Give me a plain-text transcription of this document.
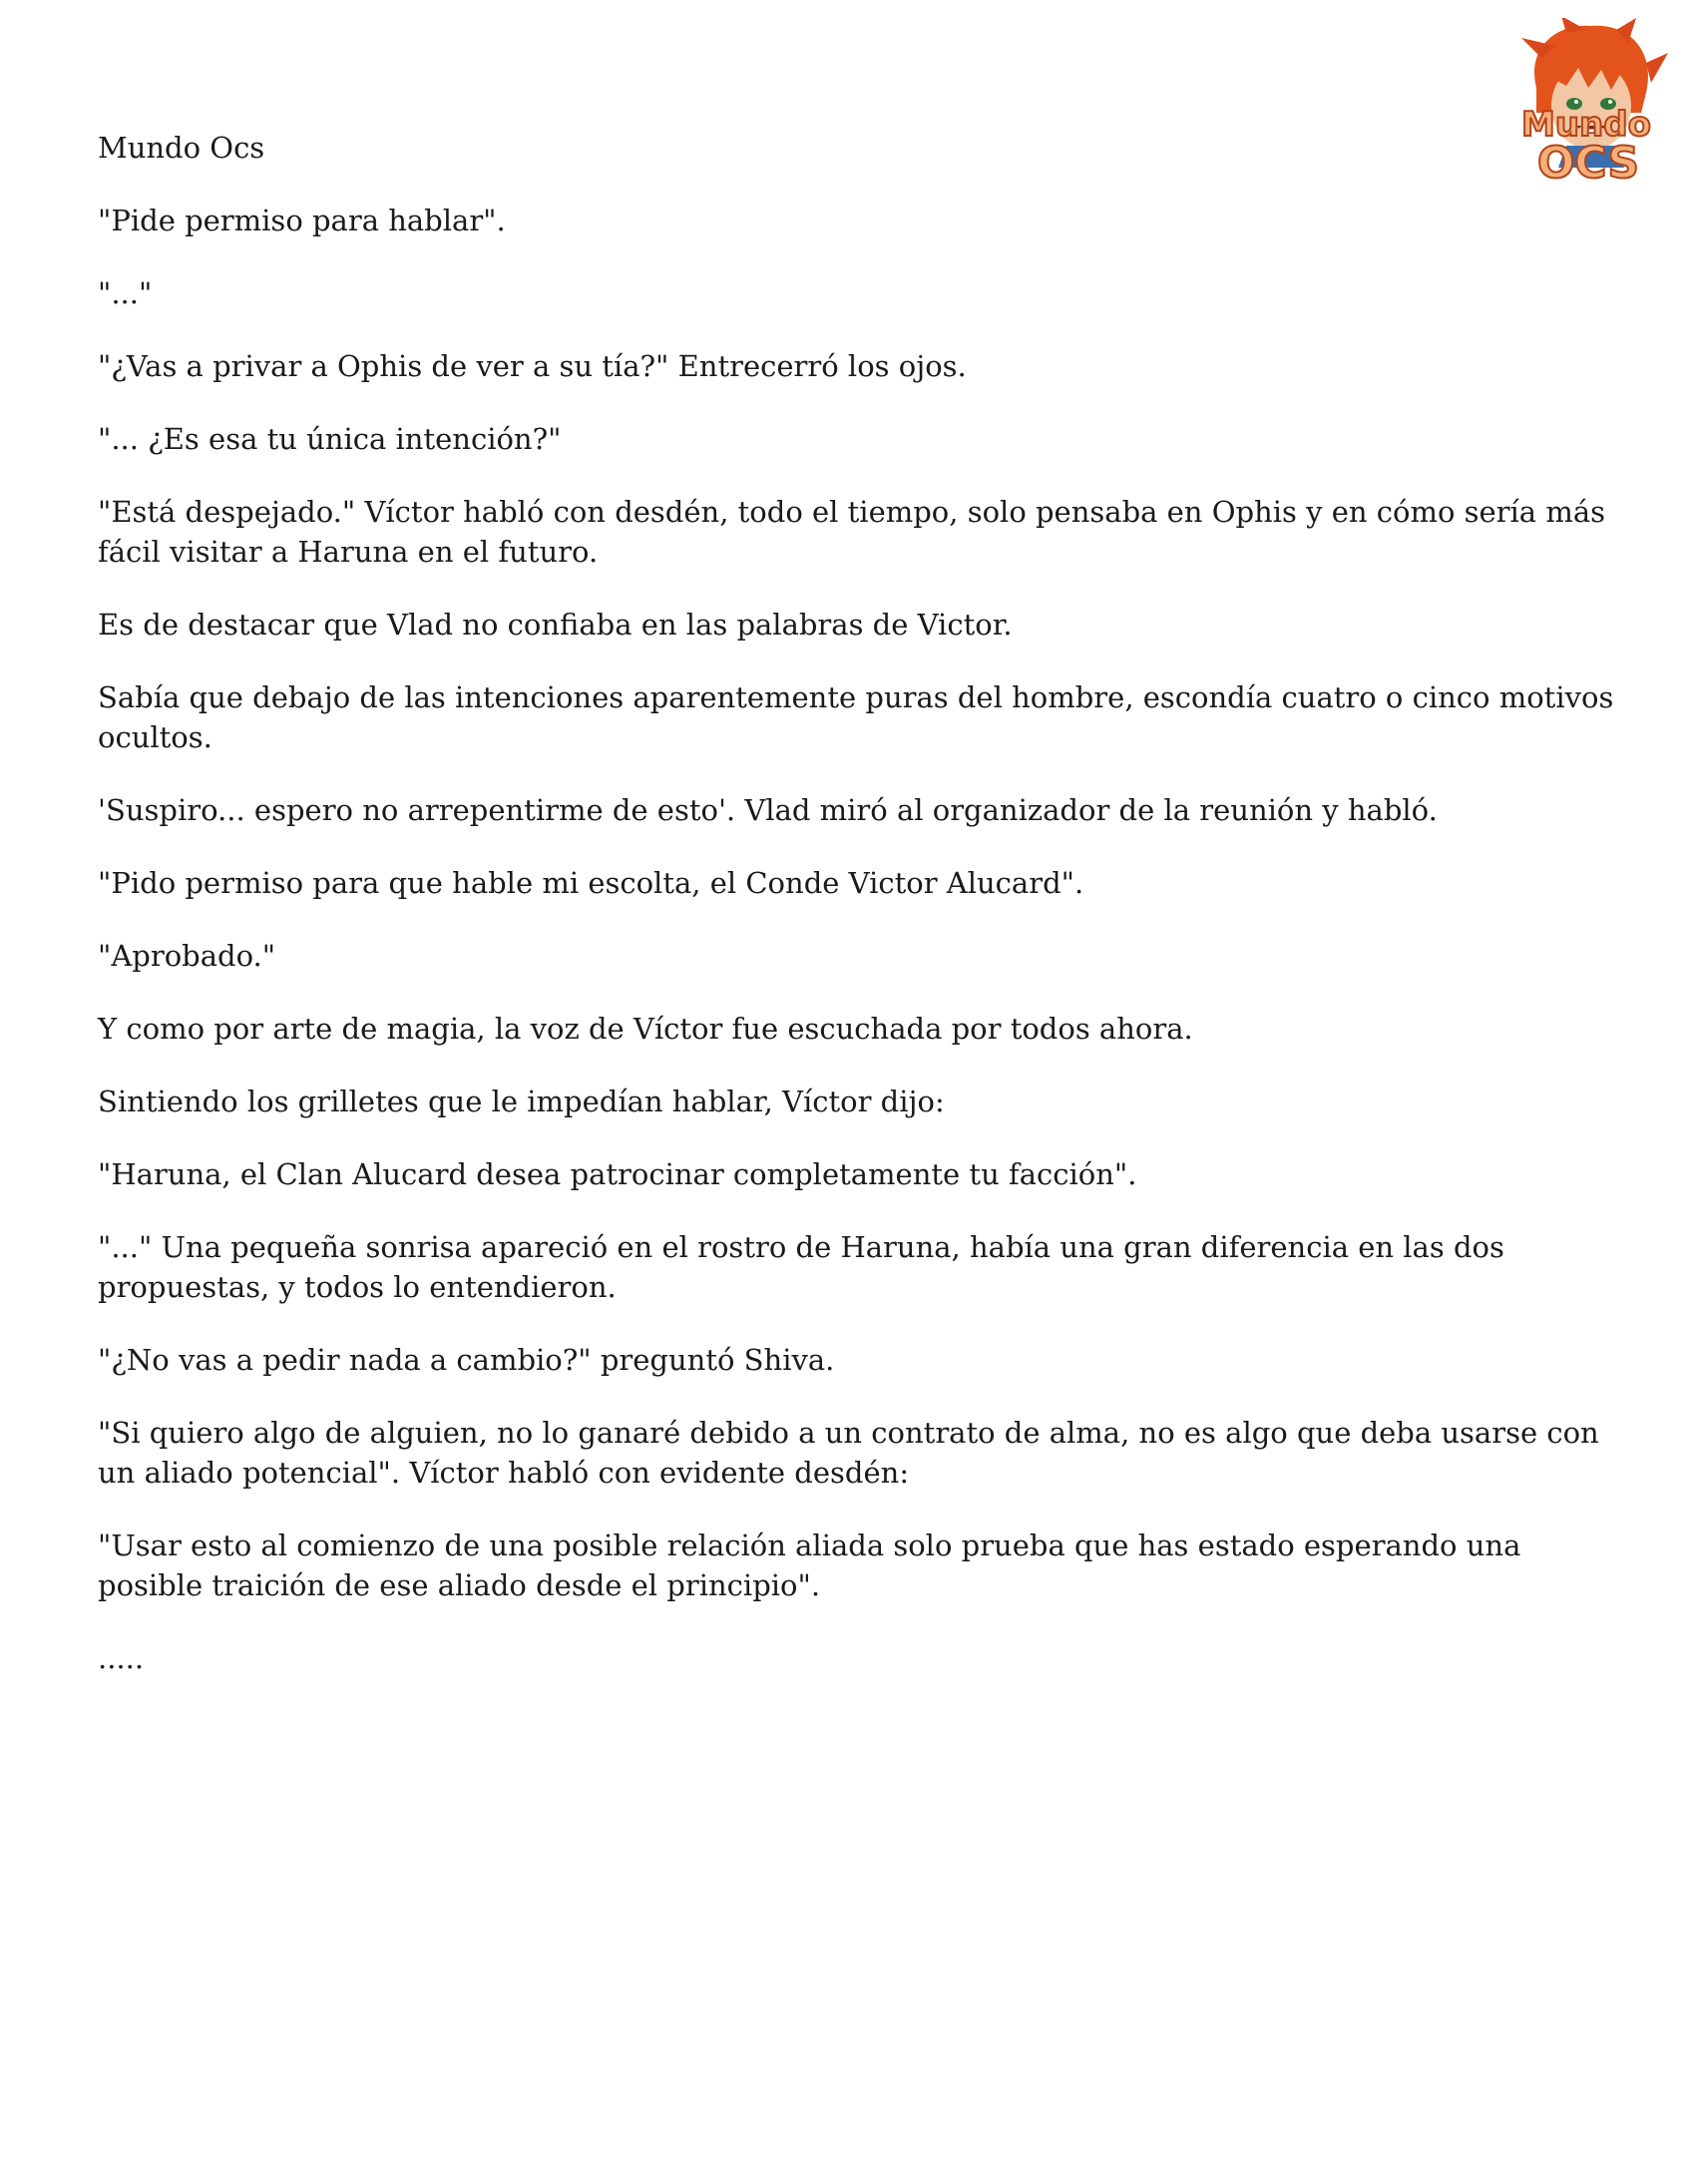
Mundo
OCS
Mundo Ocs
"Pide permiso para hablar".
"..."
"¿Vas a privar a Ophis de ver a su tía?" Entrecerró los ojos.
"... ¿Es esa tu única intención?"
"Está despejado." Víctor habló con desdén, todo el tiempo, solo pensaba en Ophis y en cómo sería más fácil visitar a Haruna en el futuro.
Es de destacar que Vlad no confiaba en las palabras de Victor.
Sabía que debajo de las intenciones aparentemente puras del hombre, escondía cuatro o cinco motivos ocultos.
'Suspiro... espero no arrepentirme de esto'. Vlad miró al organizador de la reunión y habló.
"Pido permiso para que hable mi escolta, el Conde Victor Alucard".
"Aprobado."
Y como por arte de magia, la voz de Víctor fue escuchada por todos ahora.
Sintiendo los grilletes que le impedían hablar, Víctor dijo:
"Haruna, el Clan Alucard desea patrocinar completamente tu facción".
"..." Una pequeña sonrisa apareció en el rostro de Haruna, había una gran diferencia en las dos propuestas, y todos lo entendieron.
"¿No vas a pedir nada a cambio?" preguntó Shiva.
"Si quiero algo de alguien, no lo ganaré debido a un contrato de alma, no es algo que deba usarse con un aliado potencial". Víctor habló con evidente desdén:
"Usar esto al comienzo de una posible relación aliada solo prueba que has estado esperando una posible traición de ese aliado desde el principio".
.....
